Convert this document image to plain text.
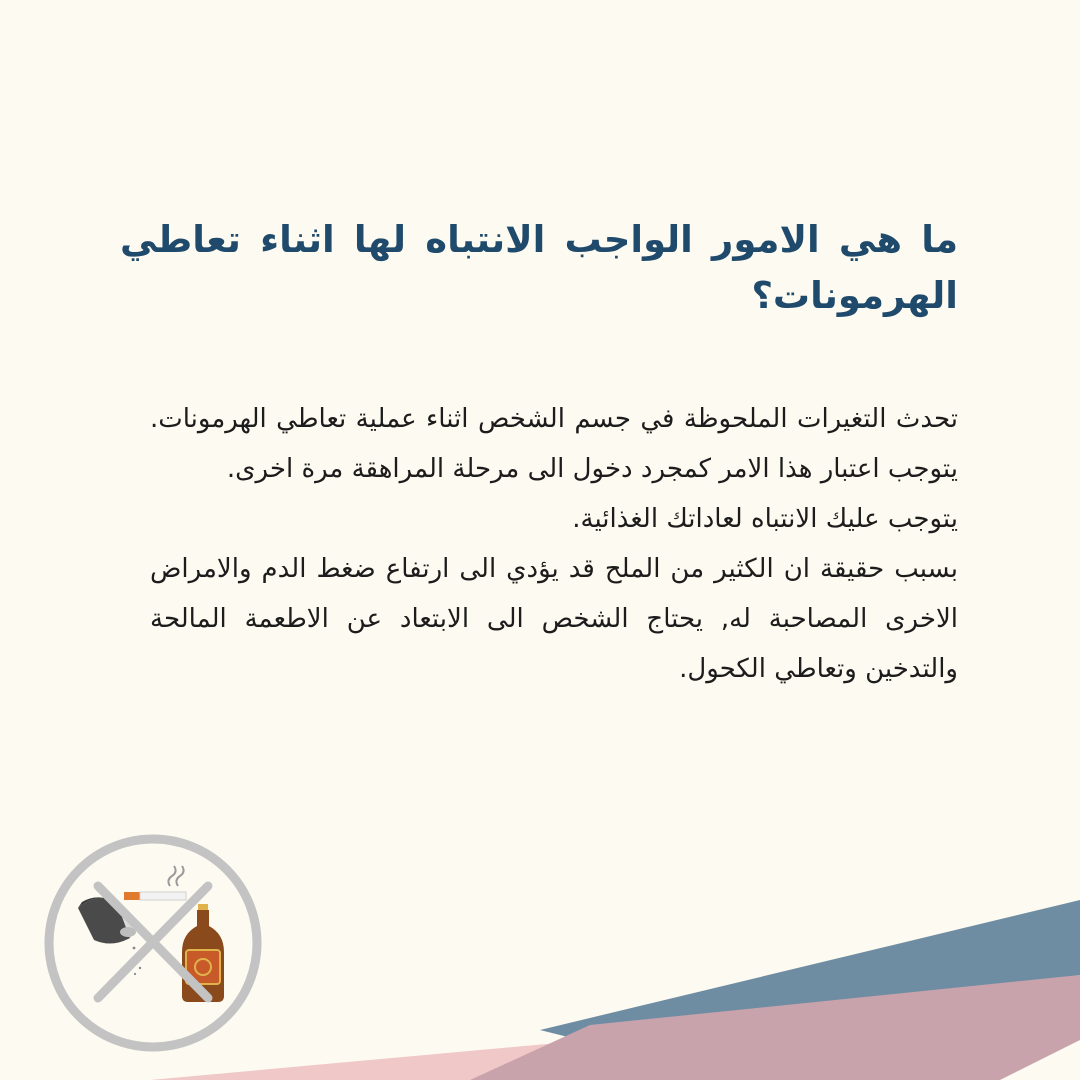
ما هي الامور الواجب الانتباه لها اثناء تعاطي الهرمونات؟
تحدث التغيرات الملحوظة في جسم الشخص اثناء عملية تعاطي الهرمونات. يتوجب اعتبار هذا الامر كمجرد دخول الى مرحلة المراهقة مرة اخرى.
يتوجب عليك الانتباه لعاداتك الغذائية.
بسبب حقيقة ان الكثير من الملح قد يؤدي الى ارتفاع ضغط الدم والامراض الاخرى المصاحبة له, يحتاج الشخص الى الابتعاد عن الاطعمة المالحة والتدخين وتعاطي الكحول.
